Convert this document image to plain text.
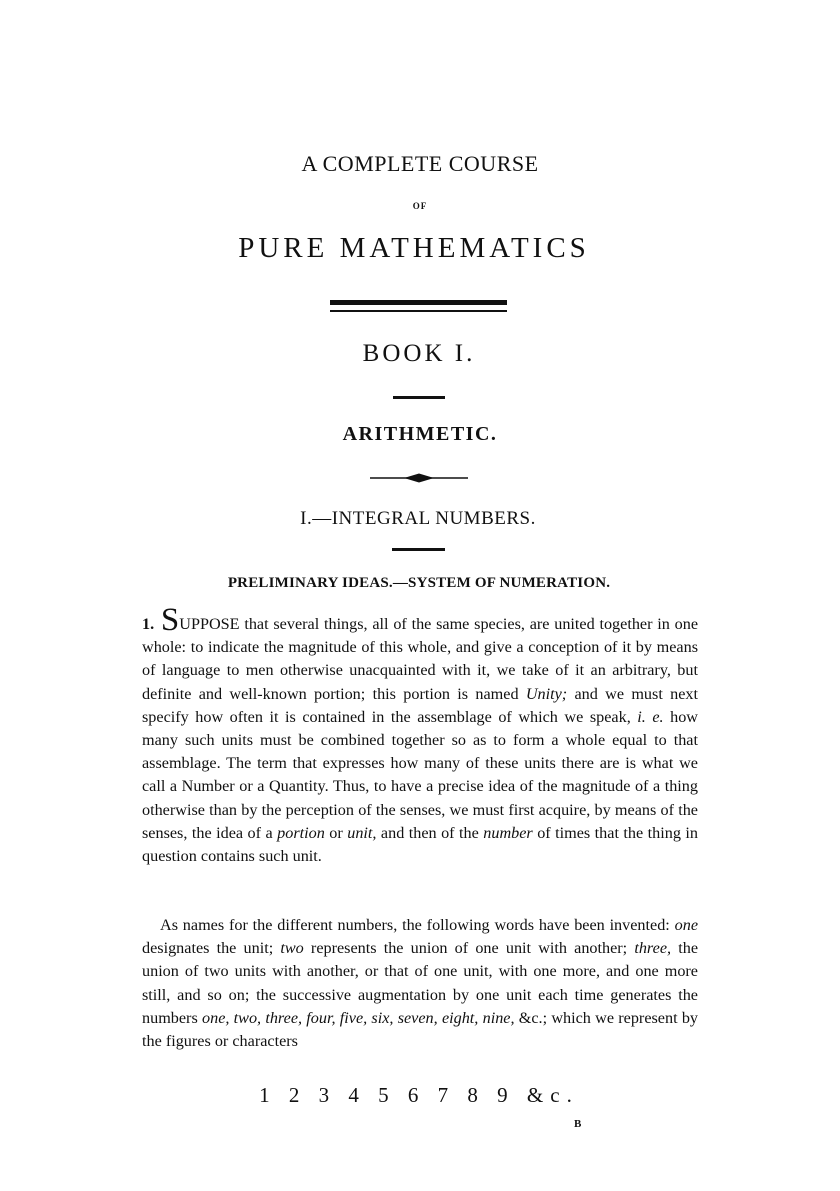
A COMPLETE COURSE
OF
PURE MATHEMATICS
BOOK I.
ARITHMETIC.
I.—INTEGRAL NUMBERS.
PRELIMINARY IDEAS.—SYSTEM OF NUMERATION.
1. SUPPOSE that several things, all of the same species, are united together in one whole: to indicate the magnitude of this whole, and give a conception of it by means of language to men otherwise unacquainted with it, we take of it an arbitrary, but definite and well-known portion; this portion is named Unity; and we must next specify how often it is contained in the assemblage of which we speak, i. e. how many such units must be combined together so as to form a whole equal to that assemblage. The term that expresses how many of these units there are is what we call a Number or a Quantity. Thus, to have a precise idea of the magnitude of a thing otherwise than by the perception of the senses, we must first acquire, by means of the senses, the idea of a portion or unit, and then of the number of times that the thing in question contains such unit.
As names for the different numbers, the following words have been invented: one designates the unit; two represents the union of one unit with another; three, the union of two units with another, or that of one unit, with one more, and one more still, and so on; the successive augmentation by one unit each time generates the numbers one, two, three, four, five, six, seven, eight, nine, &c.; which we represent by the figures or characters
1 2 3 4 5 6 7 8 9 &c.
B
